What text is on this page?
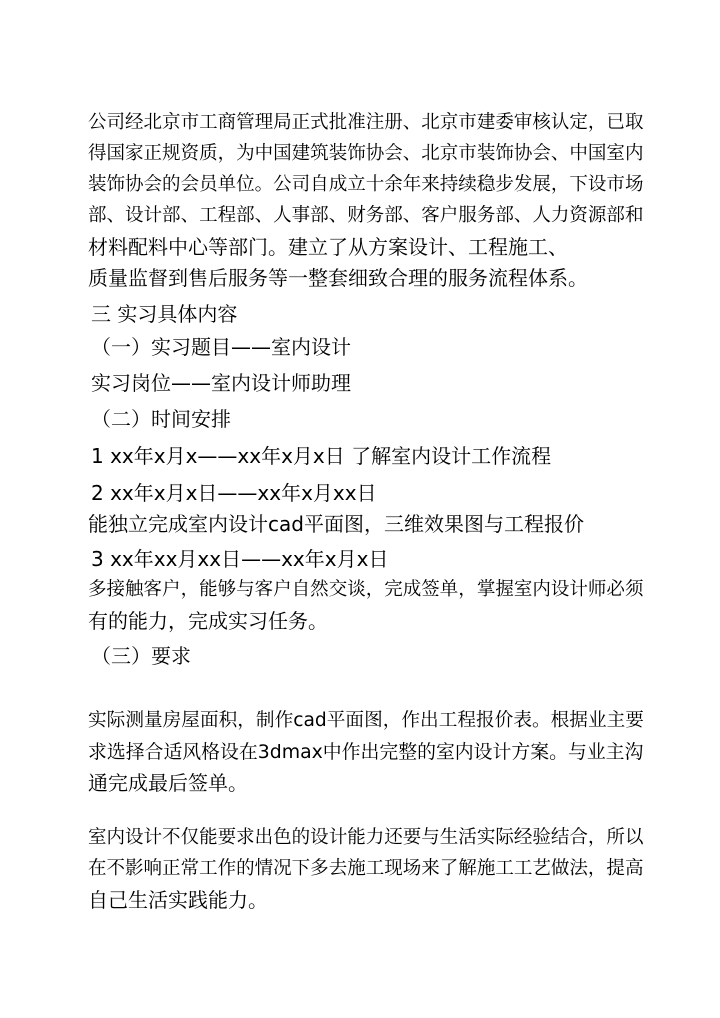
公司经北京市工商管理局正式批准注册、北京市建委审核认定，已取
得国家正规资质，为中国建筑装饰协会、北京市装饰协会、中国室内
装饰协会的会员单位。公司自成立十余年来持续稳步发展，下设市场
部、设计部、工程部、人事部、财务部、客户服务部、人力资源部和
材料配料中心等部门。建立了从方案设计、工程施工、
质量监督到售后服务等一整套细致合理的服务流程体系。
三 实习具体内容
（一）实习题目——室内设计
实习岗位——室内设计师助理
（二）时间安排
1 xx年x月x——xx年x月x日 了解室内设计工作流程
2 xx年x月x日——xx年x月xx日
能独立完成室内设计cad平面图，三维效果图与工程报价
3 xx年xx月xx日——xx年x月x日
多接触客户，能够与客户自然交谈，完成签单，掌握室内设计师必须
有的能力，完成实习任务。
（三）要求
实际测量房屋面积，制作cad平面图，作出工程报价表。根据业主要
求选择合适风格设在3dmax中作出完整的室内设计方案。与业主沟
通完成最后签单。
室内设计不仅能要求出色的设计能力还要与生活实际经验结合，所以
在不影响正常工作的情况下多去施工现场来了解施工工艺做法，提高
自己生活实践能力。
